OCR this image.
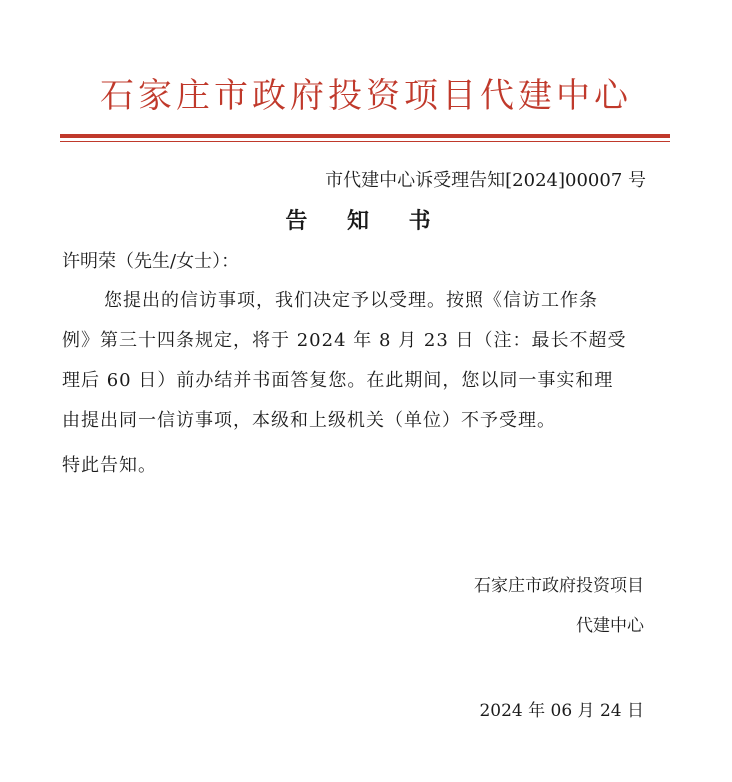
石家庄市政府投资项目代建中心
市代建中心诉受理告知[2024]00007 号
告 知 书
许明荣（先生/女士）：
您提出的信访事项，我们决定予以受理。按照《信访工作条
例》第三十四条规定，将于 2024 年 8 月 23 日（注：最长不超受
理后 60 日）前办结并书面答复您。在此期间，您以同一事实和理
由提出同一信访事项，本级和上级机关（单位）不予受理。
特此告知。
石家庄市政府投资项目
代建中心
2024 年 06 月 24 日
